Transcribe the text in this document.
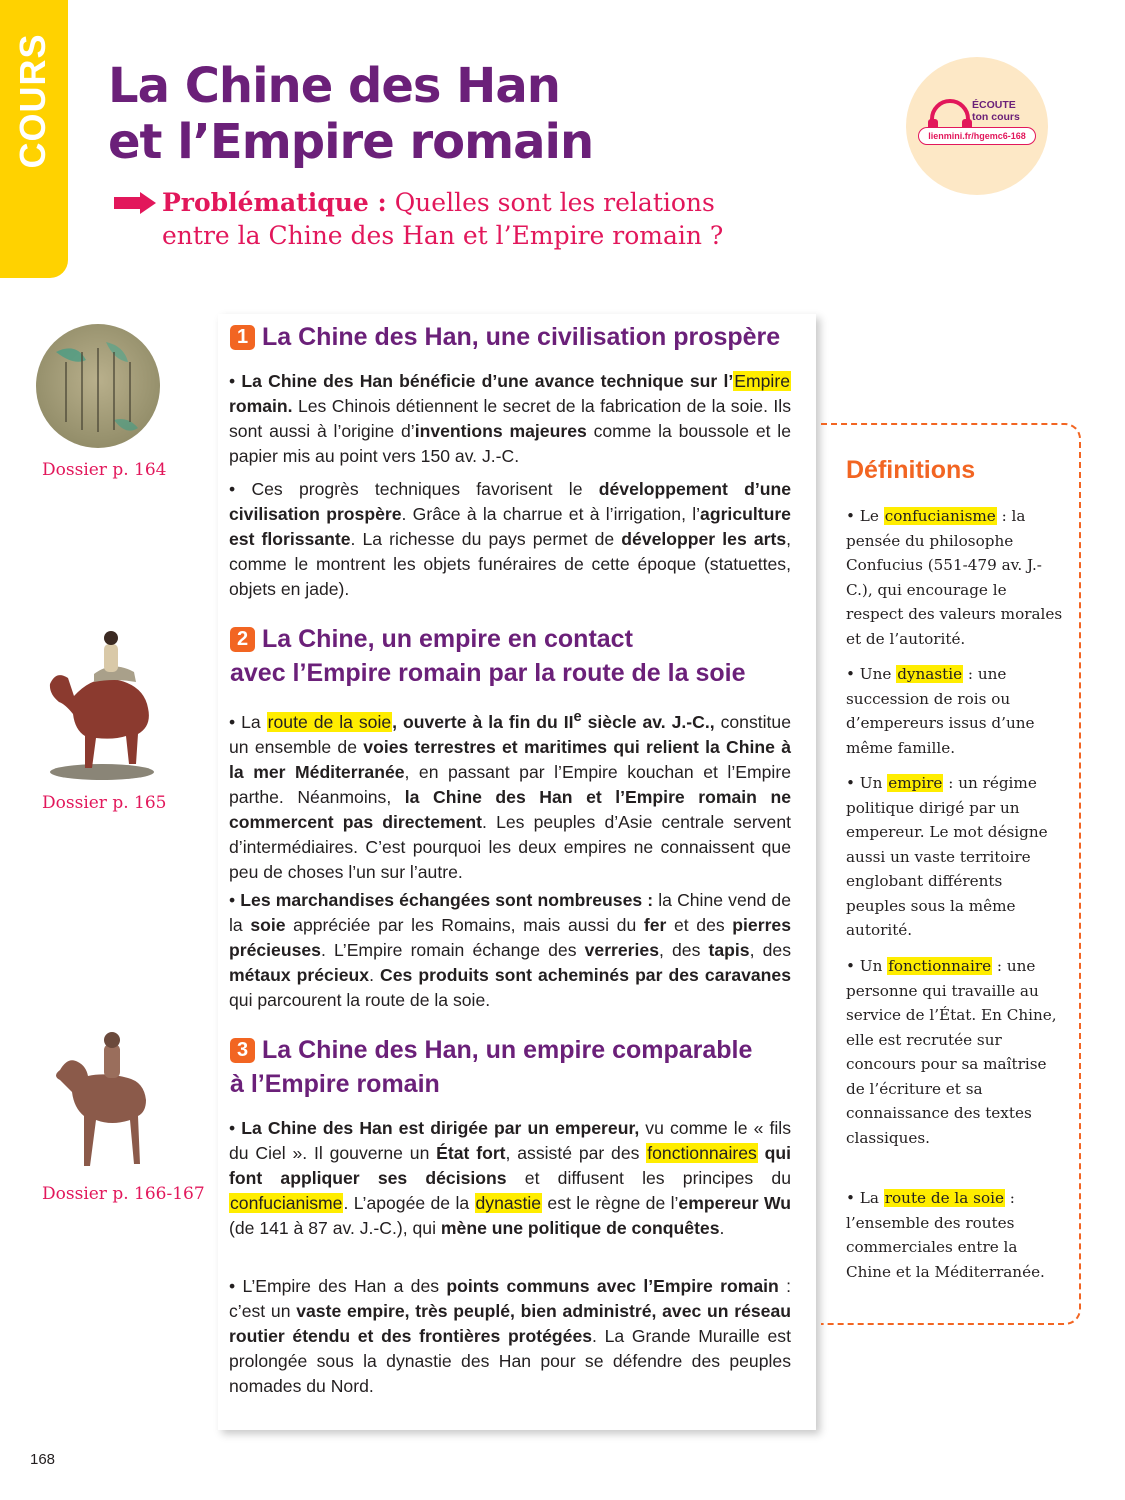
COURS La Chine des Han
et l’Empire romain

Problématique : Quelles sont les relations
entre la Chine des Han et l’Empire romain ?

ÉCOUTE
ton cours
lienmini.fr/hgemc6-168
Dossier p. 164
Dossier p. 165
Dossier p. 166-167
1 La Chine des Han, une civilisation prospère

• La Chine des Han bénéficie d’une avance technique sur l’Empire romain. Les Chinois détiennent le secret de la fabrication de la soie. Ils sont aussi à l’origine d’inventions majeures comme la boussole et le papier mis au point vers 150 av. J.-C.

• Ces progrès techniques favorisent le développement d’une civilisation prospère. Grâce à la charrue et à l’irrigation, l’agriculture est florissante. La richesse du pays permet de développer les arts, comme le montrent les objets funéraires de cette époque (statuettes, objets en jade).

2 La Chine, un empire en contact
avec l’Empire romain par la route de la soie

• La route de la soie, ouverte à la fin du IIe siècle av. J.-C., constitue un ensemble de voies terrestres et maritimes qui relient la Chine à la mer Méditerranée, en passant par l’Empire kouchan et l’Empire parthe. Néanmoins, la Chine des Han et l’Empire romain ne commercent pas directement. Les peuples d’Asie centrale servent d’intermédiaires. C’est pourquoi les deux empires ne connaissent que peu de choses l’un sur l’autre.

• Les marchandises échangées sont nombreuses : la Chine vend de la soie appréciée par les Romains, mais aussi du fer et des pierres précieuses. L’Empire romain échange des verreries, des tapis, des métaux précieux. Ces produits sont acheminés par des caravanes qui parcourent la route de la soie.

3 La Chine des Han, un empire comparable
à l’Empire romain

• La Chine des Han est dirigée par un empereur, vu comme le « fils du Ciel ». Il gouverne un État fort, assisté par des fonctionnaires qui font appliquer ses décisions et diffusent les principes du confucianisme. L’apogée de la dynastie est le règne de l’empereur Wu (de 141 à 87 av. J.-C.), qui mène une politique de conquêtes.

• L’Empire des Han a des points communs avec l’Empire romain : c’est un vaste empire, très peuplé, bien administré, avec un réseau routier étendu et des frontières protégées. La Grande Muraille est prolongée sous la dynastie des Han pour se défendre des peuples nomades du Nord.

Définitions

• Le confucianisme : la pensée du philosophe Confucius (551-479 av. J.-C.), qui encourage le respect des valeurs morales et de l’autorité.

• Une dynastie : une succession de rois ou d’empereurs issus d’une même famille.

• Un empire : un régime politique dirigé par un empereur. Le mot désigne aussi un vaste territoire englobant différents peuples sous la même autorité.

• Un fonctionnaire : une personne qui travaille au service de l’État. En Chine, elle est recrutée sur concours pour sa maîtrise de l’écriture et sa connaissance des textes classiques.

• La route de la soie : l’ensemble des routes commerciales entre la Chine et la Méditerranée.

168
